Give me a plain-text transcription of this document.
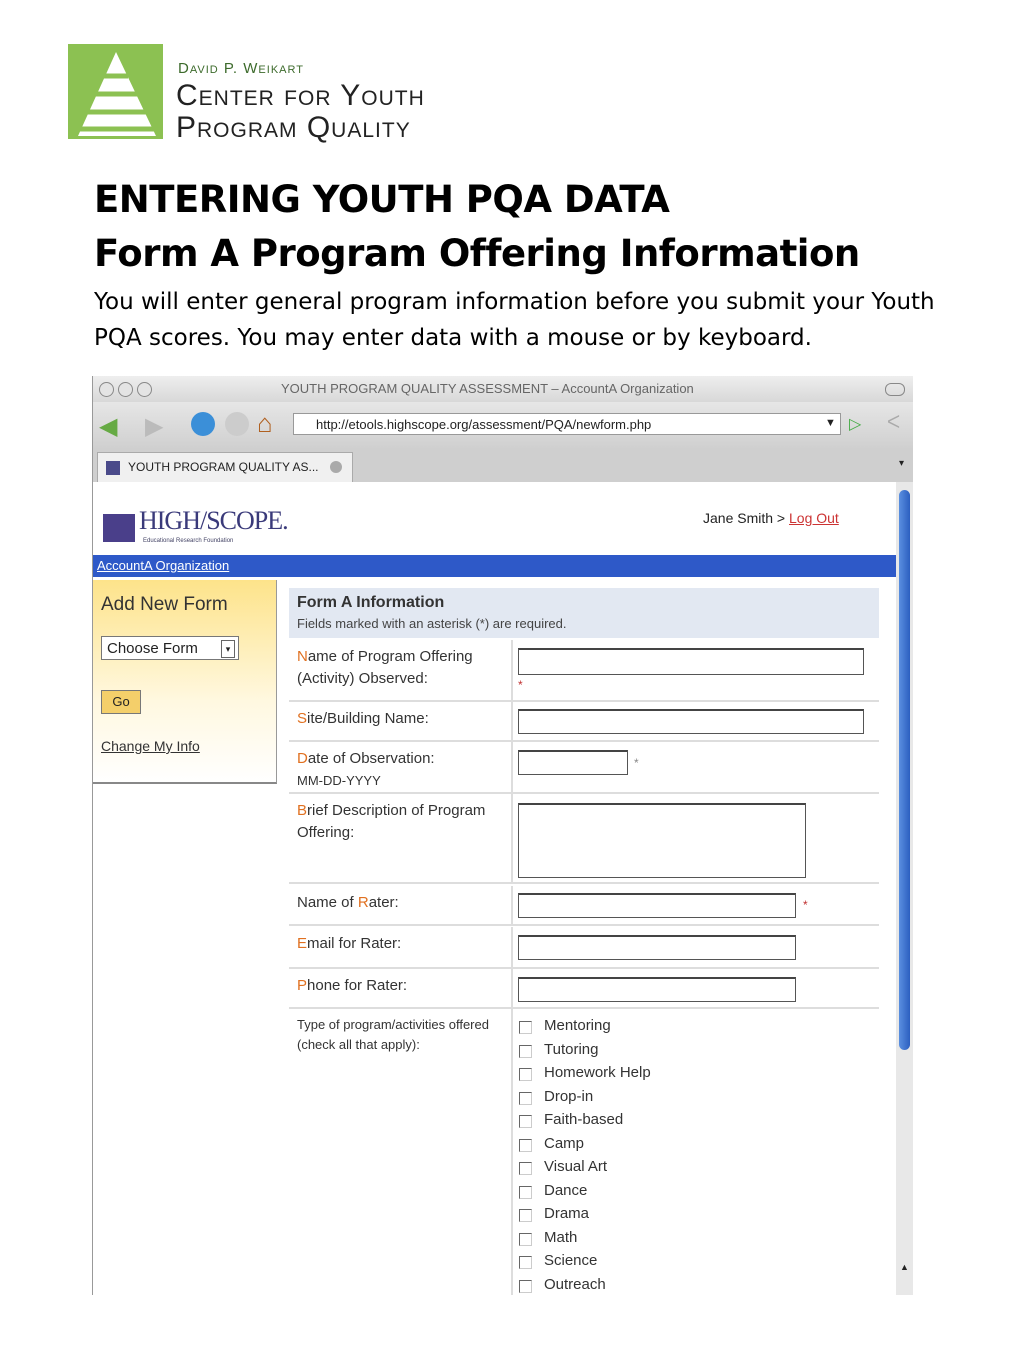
David P. Weikart
Center for Youth
Program Quality
ENTERING YOUTH PQA DATA
Form A Program Offering Information
You will enter general program information before you submit your Youth PQA scores. You may enter data with a mouse or by keyboard.
YOUTH PROGRAM QUALITY ASSESSMENT – AccountA Organization
◀ ▶	⌂	http://etools.highscope.org/assessment/PQA/newform.php	▼ ▷ ᐸ
YOUTH PROGRAM QUALITY AS...	▾
HIGH/SCOPE.
Educational Research Foundation
Jane Smith > Log Out
AccountA Organization
Add New Form
Choose Form	▾
Go
Change My Info
Form A Information
Fields marked with an asterisk (*) are required.
Name of Program Offering (Activity) Observed:	*
Site/Building Name:
Date of Observation:
MM-DD-YYYY
*
Brief Description of Program Offering:
Name of Rater:	*
Email for Rater:
Phone for Rater:
Type of program/activities offered (check all that apply):
Mentoring
Tutoring
Homework Help
Drop-in
Faith-based
Camp
Visual Art
Dance
Drama
Math
Science
Outreach
▲
